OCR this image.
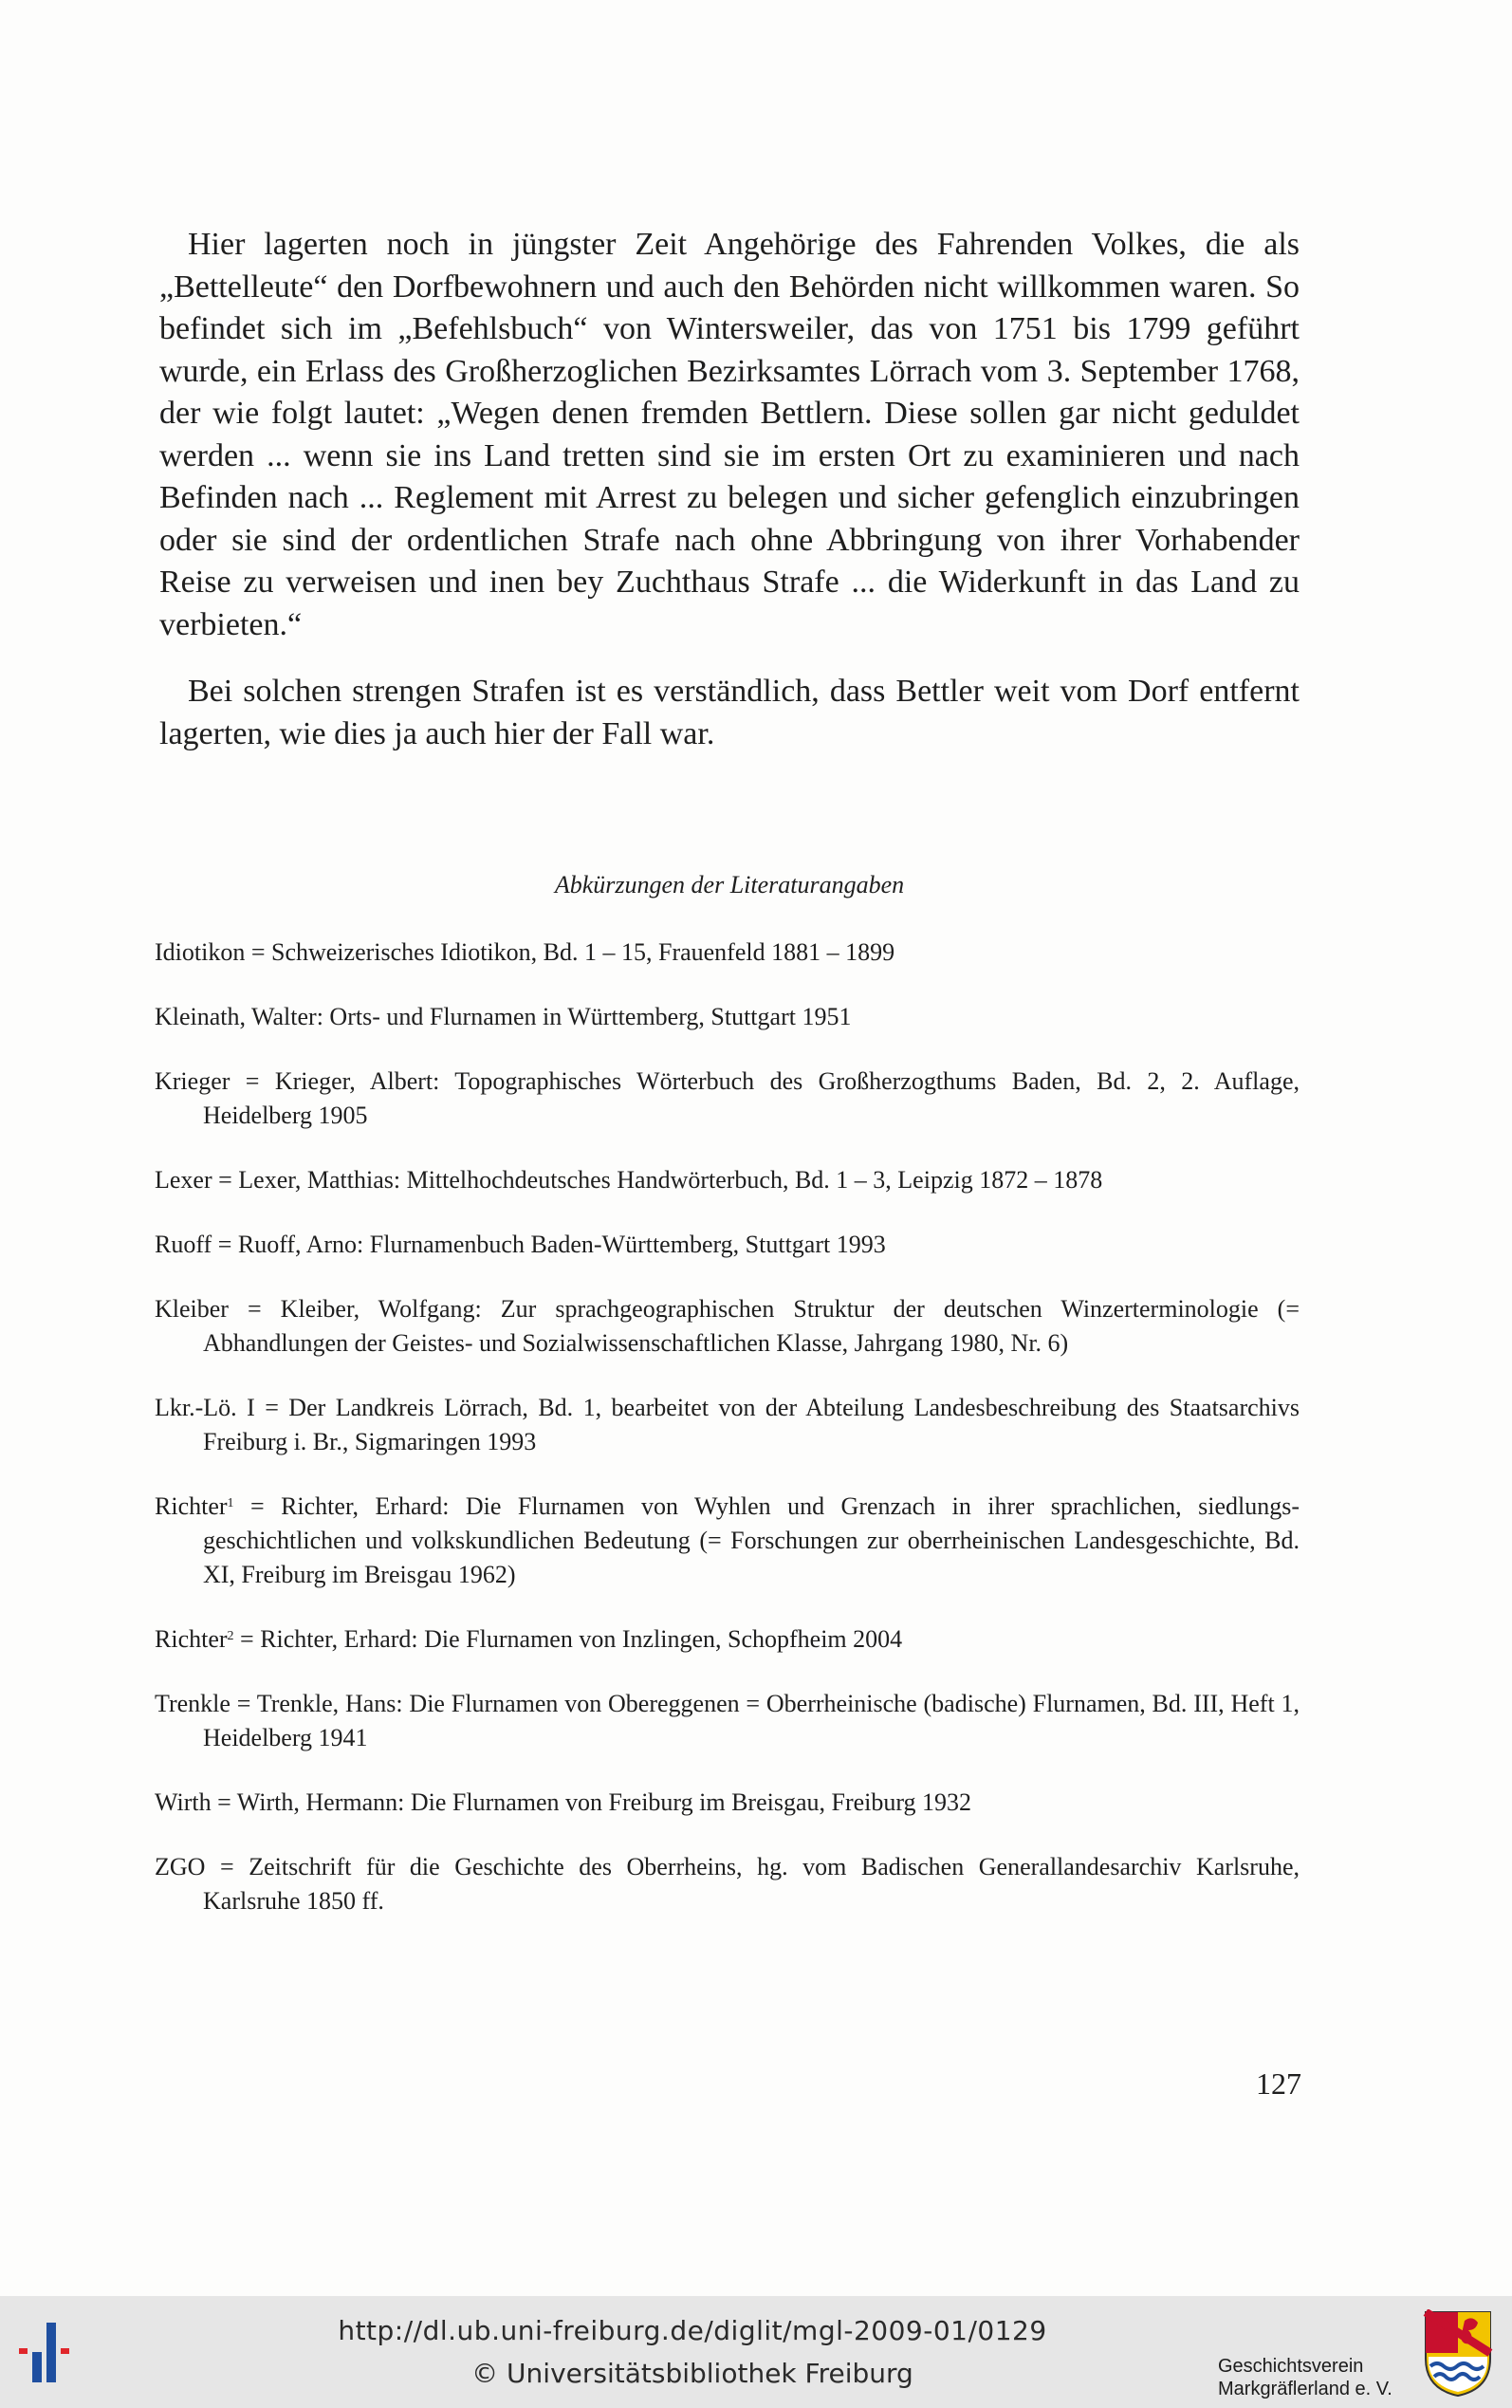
Hier lagerten noch in jüngster Zeit Angehörige des Fahrenden Volkes, die als „Bettelleute“ den Dorfbewohnern und auch den Behörden nicht willkommen waren. So befindet sich im „Befehlsbuch“ von Wintersweiler, das von 1751 bis 1799 geführt wurde, ein Erlass des Großherzoglichen Bezirksamtes Lörrach vom 3. September 1768, der wie folgt lautet: „Wegen denen fremden Bettlern. Diese sollen gar nicht geduldet werden ... wenn sie ins Land tretten sind sie im ersten Ort zu examinieren und nach Befinden nach ... Reglement mit Arrest zu belegen und sicher gefenglich einzubringen oder sie sind der ordentlichen Strafe nach ohne Abbringung von ihrer Vorhabender Reise zu verweisen und inen bey Zuchthaus Strafe ... die Widerkunft in das Land zu verbieten.“

Bei solchen strengen Strafen ist es verständlich, dass Bettler weit vom Dorf entfernt lagerten, wie dies ja auch hier der Fall war.

Abkürzungen der Literaturangaben

Idiotikon = Schweizerisches Idiotikon, Bd. 1 – 15, Frauenfeld 1881 – 1899

Kleinath, Walter: Orts- und Flurnamen in Württemberg, Stuttgart 1951

Krieger = Krieger, Albert: Topographisches Wörterbuch des Großherzogthums Baden, Bd. 2, 2. Auflage, Heidelberg 1905

Lexer = Lexer, Matthias: Mittelhochdeutsches Handwörterbuch, Bd. 1 – 3, Leipzig 1872 – 1878

Ruoff = Ruoff, Arno: Flurnamenbuch Baden-Württemberg, Stuttgart 1993

Kleiber = Kleiber, Wolfgang: Zur sprachgeographischen Struktur der deutschen Winzerterminologie (= Abhandlungen der Geistes- und Sozialwissenschaftlichen Klasse, Jahrgang 1980, Nr. 6)

Lkr.-Lö. I = Der Landkreis Lörrach, Bd. 1, bearbeitet von der Abteilung Landesbeschreibung des Staatsarchivs Freiburg i. Br., Sigmaringen 1993

Richter$^1$ = Richter, Erhard: Die Flurnamen von Wyhlen und Grenzach in ihrer sprachlichen, siedlungsgeschichtlichen und volkskundlichen Bedeutung (= Forschungen zur oberrheinischen Landesgeschichte, Bd. XI, Freiburg im Breisgau 1962)

Richter$^2$ = Richter, Erhard: Die Flurnamen von Inzlingen, Schopfheim 2004

Trenkle = Trenkle, Hans: Die Flurnamen von Obereggenen = Oberrheinische (badische) Flurnamen, Bd. III, Heft 1, Heidelberg 1941

Wirth = Wirth, Hermann: Die Flurnamen von Freiburg im Breisgau, Freiburg 1932

ZGO = Zeitschrift für die Geschichte des Oberrheins, hg. vom Badischen Generallandesarchiv Karlsruhe, Karlsruhe 1850 ff.

127
http://dl.ub.uni-freiburg.de/diglit/mgl-2009-01/0129
© Universitätsbibliothek Freiburg	Geschichtsverein
Markgräflerland e. V.
